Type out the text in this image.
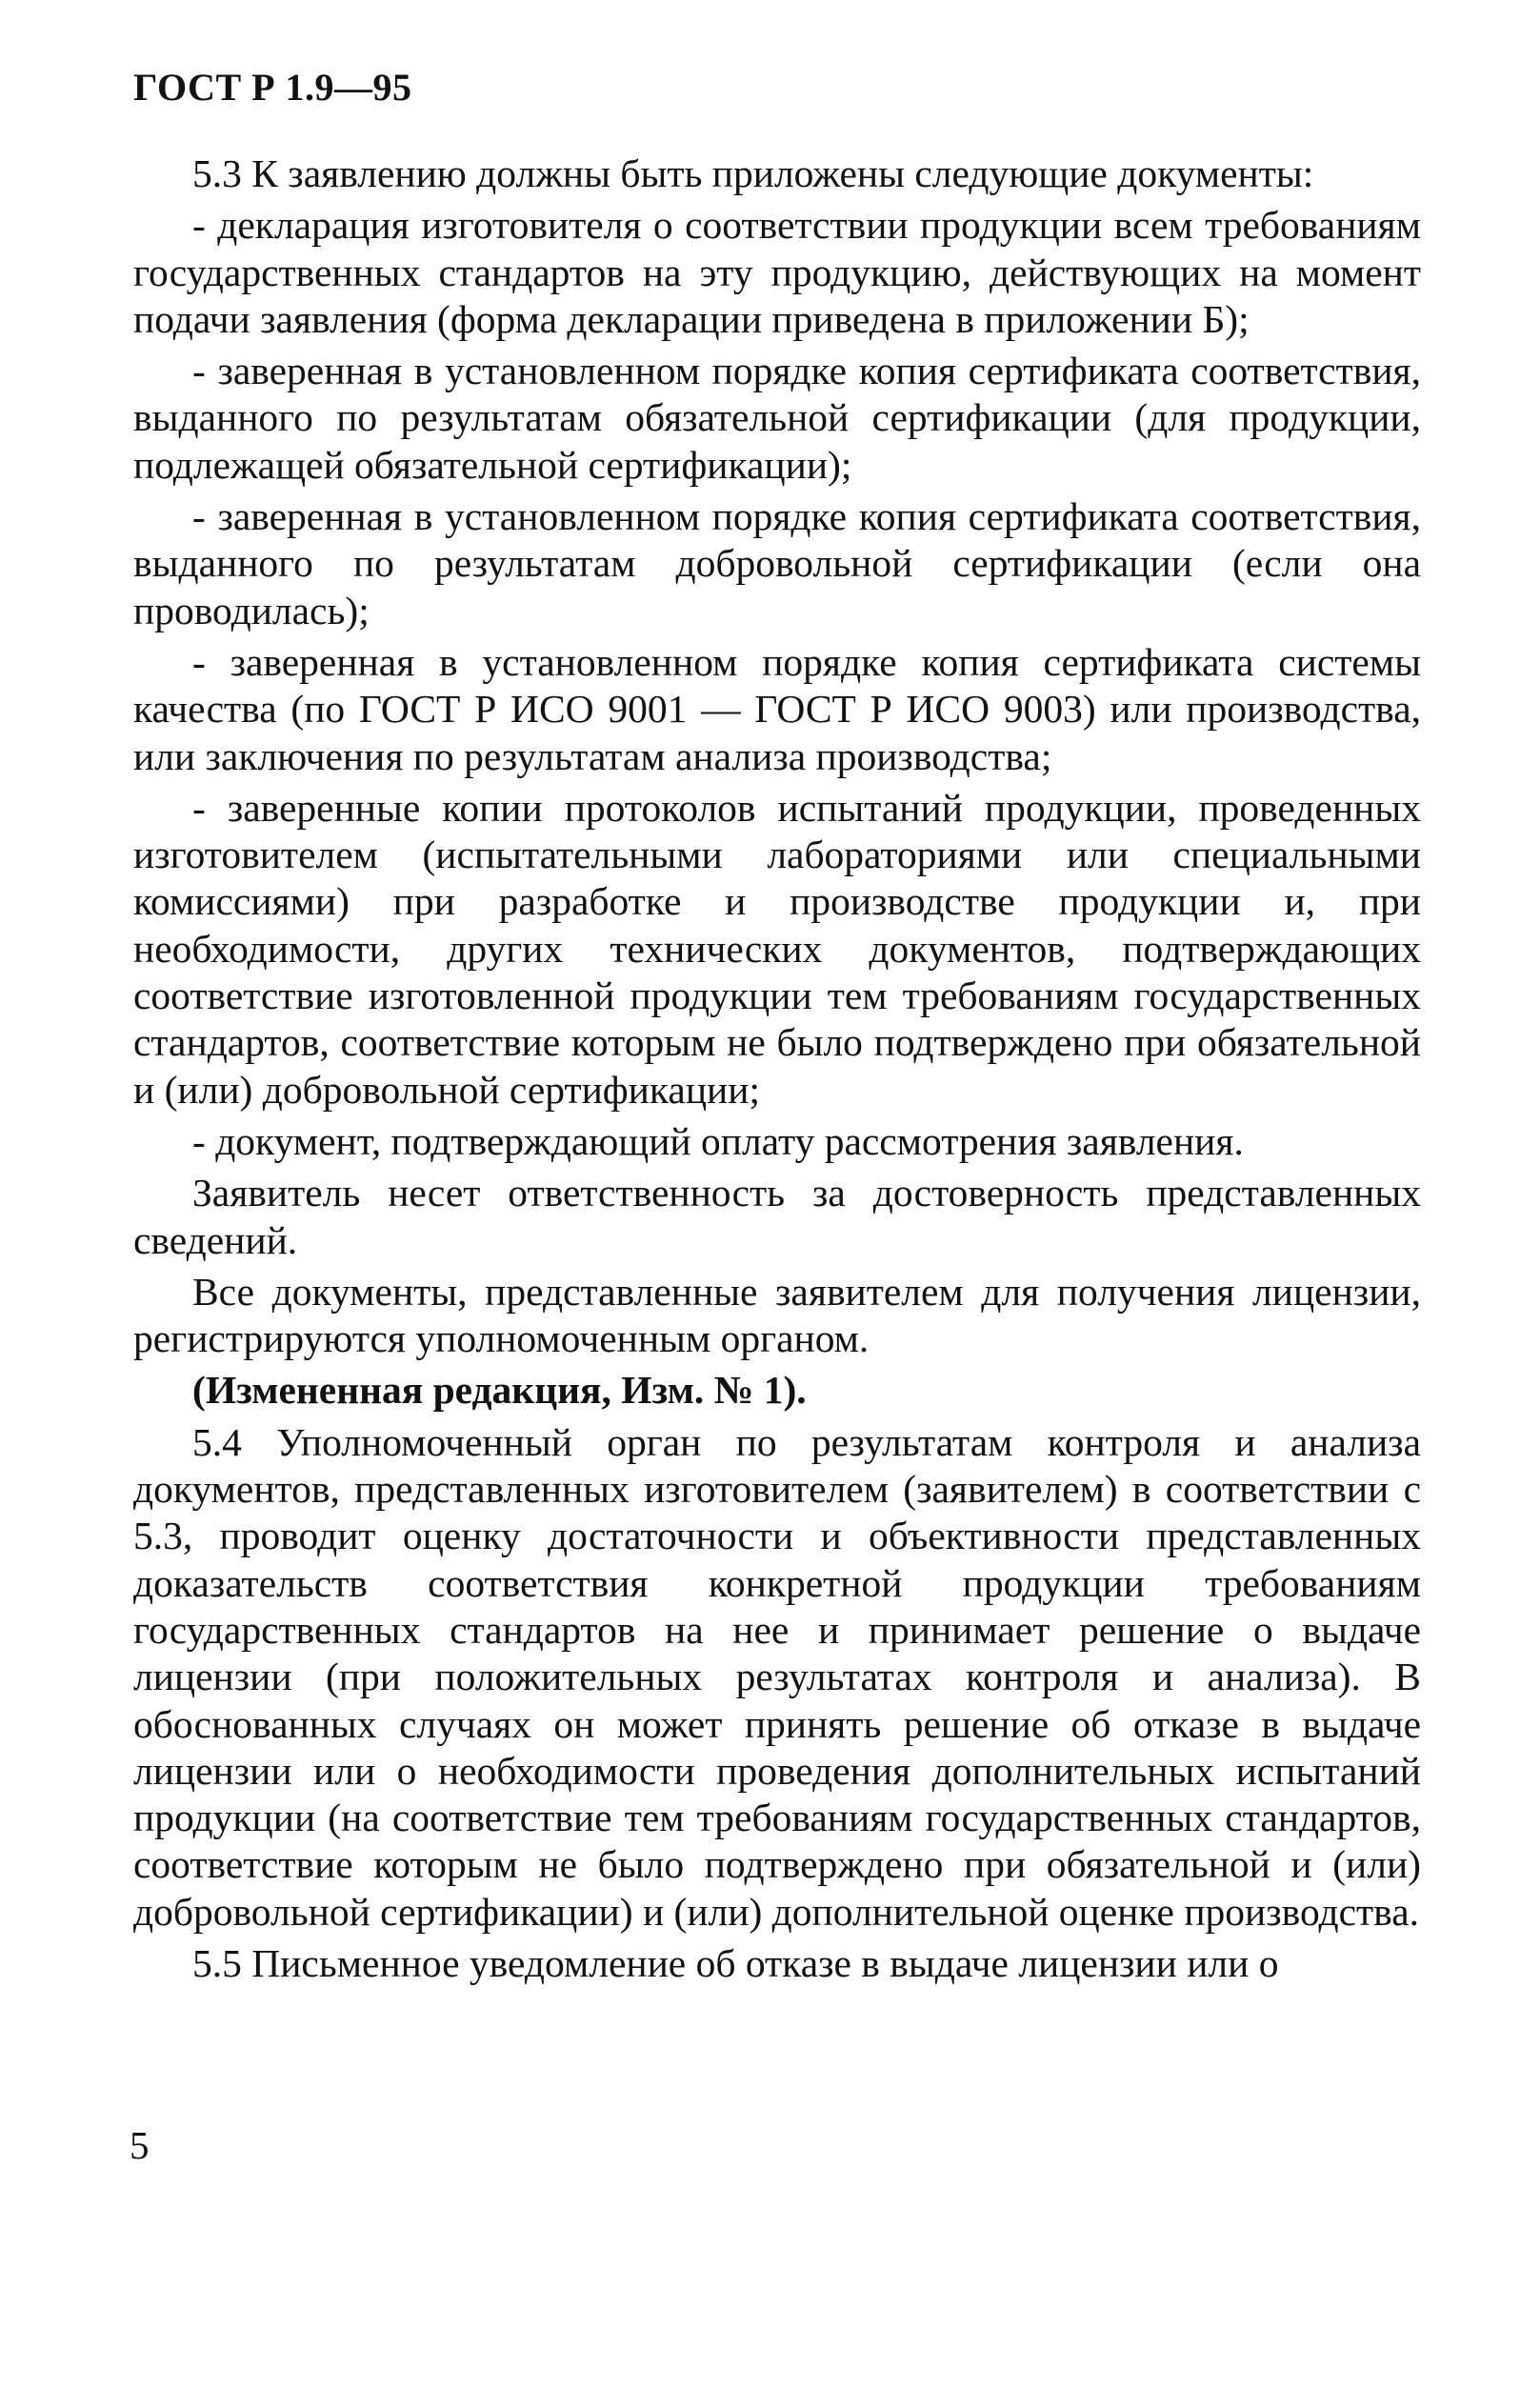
ГОСТ Р 1.9—95

5.3 К заявлению должны быть приложены следующие документы:

- декларация изготовителя о соответствии продукции всем требованиям государственных стандартов на эту продукцию, действующих на момент подачи заявления (форма декларации приведена в приложении Б);

- заверенная в установленном порядке копия сертификата соответствия, выданного по результатам обязательной сертификации (для продукции, подлежащей обязательной сертификации);

- заверенная в установленном порядке копия сертификата соответствия, выданного по результатам добровольной сертификации (если она проводилась);

- заверенная в установленном порядке копия сертификата системы качества (по ГОСТ Р ИСО 9001 — ГОСТ Р ИСО 9003) или производства, или заключения по результатам анализа производства;

- заверенные копии протоколов испытаний продукции, проведенных изготовителем (испытательными лабораториями или специальными комиссиями) при разработке и производстве продукции и, при необходимости, других технических документов, подтверждающих соответствие изготовленной продукции тем требованиям государственных стандартов, соответствие которым не было подтверждено при обязательной и (или) добровольной сертификации;

- документ, подтверждающий оплату рассмотрения заявления.

Заявитель несет ответственность за достоверность представленных сведений.

Все документы, представленные заявителем для получения лицензии, регистрируются уполномоченным органом.

(Измененная редакция, Изм. № 1).

5.4 Уполномоченный орган по результатам контроля и анализа документов, представленных изготовителем (заявителем) в соответствии с 5.3, проводит оценку достаточности и объективности представленных доказательств соответствия конкретной продукции требованиям государственных стандартов на нее и принимает решение о выдаче лицензии (при положительных результатах контроля и анализа). В обоснованных случаях он может принять решение об отказе в выдаче лицензии или о необходимости проведения дополнительных испытаний продукции (на соответствие тем требованиям государственных стандартов, соответствие которым не было подтверждено при обязательной и (или) добровольной сертификации) и (или) дополнительной оценке производства.

5.5 Письменное уведомление об отказе в выдаче лицензии или о

5
